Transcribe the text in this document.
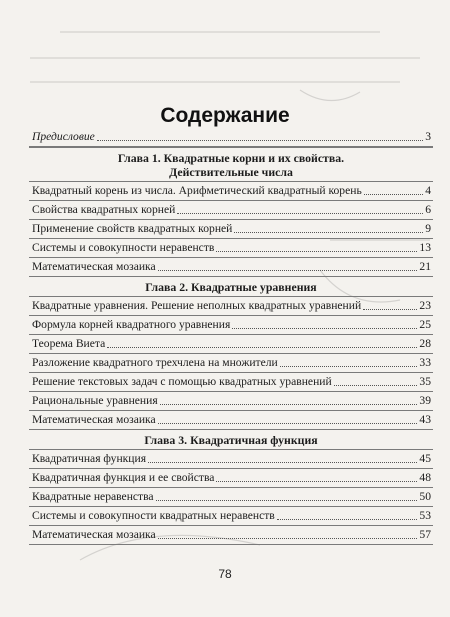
Содержание
Предисловие	3
Глава 1. Квадратные корни и их свойства.
Действительные числа
Квадратный корень из числа. Арифметический квадратный корень	4
Свойства квадратных корней	6
Применение свойств квадратных корней	9
Системы и совокупности неравенств	13
Математическая мозаика	21
Глава 2. Квадратные уравнения
Квадратные уравнения. Решение неполных квадратных уравнений	23
Формула корней квадратного уравнения	25
Теорема Виета	28
Разложение квадратного трехчлена на множители	33
Решение текстовых задач с помощью квадратных уравнений	35
Рациональные уравнения	39
Математическая мозаика	43
Глава 3. Квадратичная функция
Квадратичная функция	45
Квадратичная функция и ее свойства	48
Квадратные неравенства	50
Системы и совокупности квадратных неравенств	53
Математическая мозаика	57
78
